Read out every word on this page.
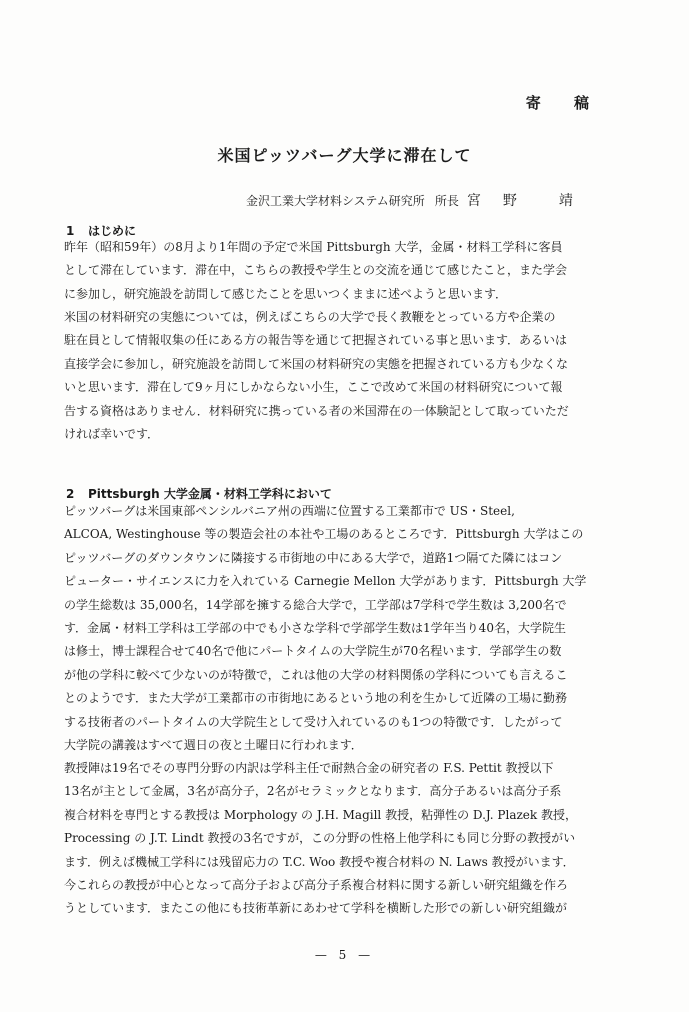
寄 稿
米国ピッツバーグ大学に滞在して
金沢工業大学材料システム研究所 所長 宮野 靖
1 はじめに
昨年（昭和59年）の8月より1年間の予定で米国 Pittsburgh 大学，金属・材料工学科に客員
として滞在しています．滞在中，こちらの教授や学生との交流を通じて感じたこと，また学会
に参加し，研究施設を訪問して感じたことを思いつくままに述べようと思います．
米国の材料研究の実態については，例えばこちらの大学で長く教鞭をとっている方や企業の
駐在員として情報収集の任にある方の報告等を通じて把握されている事と思います．あるいは
直接学会に参加し，研究施設を訪問して米国の材料研究の実態を把握されている方も少なくな
いと思います．滞在して9ヶ月にしかならない小生，ここで改めて米国の材料研究について報
告する資格はありません．材料研究に携っている者の米国滞在の一体験記として取っていただ
ければ幸いです．
2 Pittsburgh 大学金属・材料工学科において
ピッツバーグは米国東部ペンシルバニア州の西端に位置する工業都市で US・Steel,
ALCOA, Westinghouse 等の製造会社の本社や工場のあるところです．Pittsburgh 大学はこの
ピッツバーグのダウンタウンに隣接する市街地の中にある大学で，道路1つ隔てた隣にはコン
ピューター・サイエンスに力を入れている Carnegie Mellon 大学があります．Pittsburgh 大学
の学生総数は 35,000名，14学部を擁する総合大学で，工学部は7学科で学生数は 3,200名で
す．金属・材料工学科は工学部の中でも小さな学科で学部学生数は1学年当り40名，大学院生
は修士，博士課程合せて40名で他にパートタイムの大学院生が70名程います．学部学生の数
が他の学科に較べて少ないのが特徴で，これは他の大学の材料関係の学科についても言えるこ
とのようです．また大学が工業都市の市街地にあるという地の利を生かして近隣の工場に勤務
する技術者のパートタイムの大学院生として受け入れているのも1つの特徴です．したがって
大学院の講義はすべて週日の夜と土曜日に行われます．
教授陣は19名でその専門分野の内訳は学科主任で耐熱合金の研究者の F.S. Pettit 教授以下
13名が主として金属，3名が高分子，2名がセラミックとなります．高分子あるいは高分子系
複合材料を専門とする教授は Morphology の J.H. Magill 教授，粘弾性の D.J. Plazek 教授，
Processing の J.T. Lindt 教授の3名ですが，この分野の性格上他学科にも同じ分野の教授がい
ます．例えば機械工学科には残留応力の T.C. Woo 教授や複合材料の N. Laws 教授がいます．
今これらの教授が中心となって高分子および高分子系複合材料に関する新しい研究組織を作ろ
うとしています．またこの他にも技術革新にあわせて学科を横断した形での新しい研究組織が
— 5 —
